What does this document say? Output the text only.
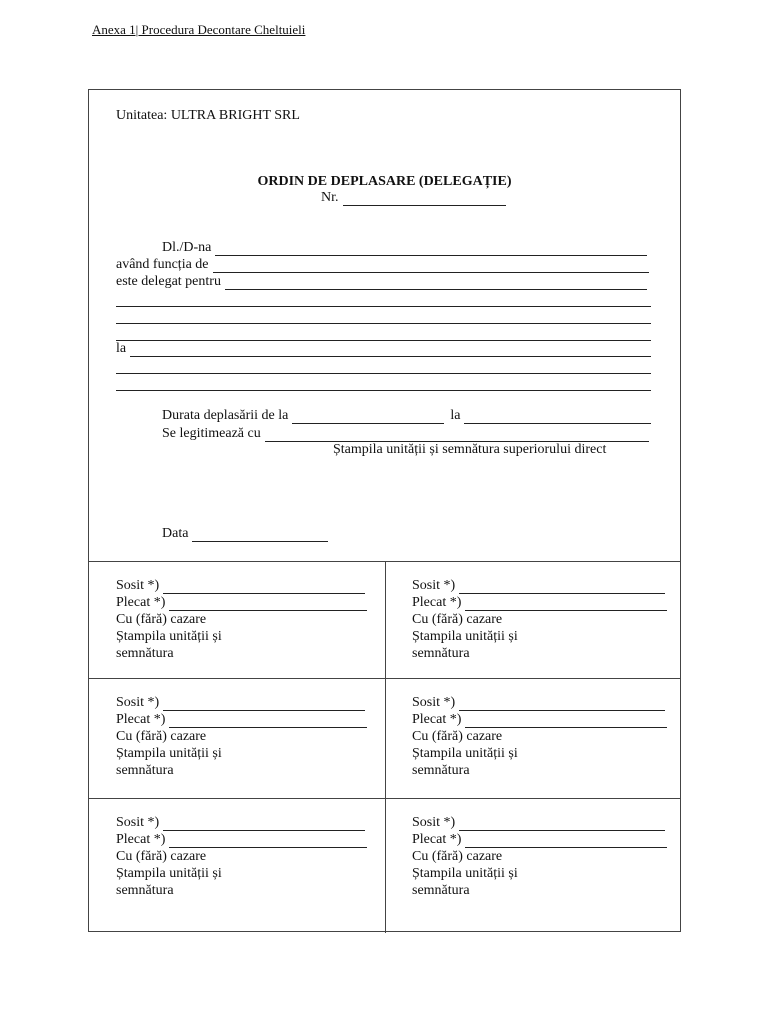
Anexa 1| Procedura Decontare Cheltuieli
Unitatea: ULTRA BRIGHT SRL
ORDIN DE DEPLASARE (DELEGAȚIE)
Nr.
Dl./D-na
având funcția de
este delegat pentru
la
Durata deplasării de la	la
Se legitimează cu
Ștampila unității și semnătura superiorului direct
Data
Sosit *)
Plecat *)
Cu (fără) cazare
Ștampila unității și
semnătura
Sosit *)
Plecat *)
Cu (fără) cazare
Ștampila unității și
semnătura
Sosit *)
Plecat *)
Cu (fără) cazare
Ștampila unității și
semnătura
Sosit *)
Plecat *)
Cu (fără) cazare
Ștampila unității și
semnătura
Sosit *)
Plecat *)
Cu (fără) cazare
Ștampila unității și
semnătura
Sosit *)
Plecat *)
Cu (fără) cazare
Ștampila unității și
semnătura
